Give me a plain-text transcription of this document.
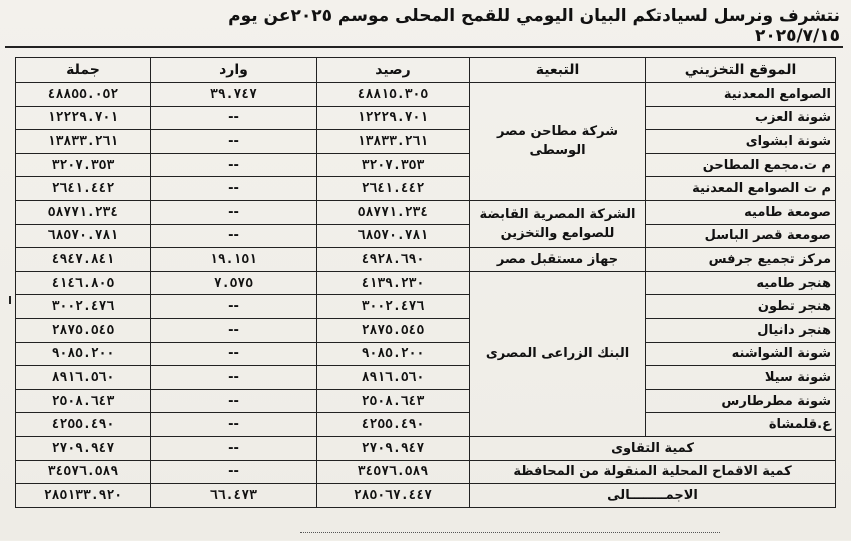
نتشرف ونرسل لسيادتكم البيان اليومي للقمح المحلى موسم ٢٠٢٥عن يوم ٢٠٢٥/٧/١٥
الموقع التخزيني	التبعية	رصيد	وارد	جملة
الصوامع المعدنية	شركة مطاحن مصر الوسطى	٤٨٨١٥.٣٠٥	٣٩.٧٤٧	٤٨٨٥٥.٠٥٢
شونة العزب		١٢٢٢٩.٧٠١	--	١٢٢٢٩.٧٠١
شونة ابشواى		١٣٨٣٣.٢٦١	--	١٣٨٣٣.٢٦١
م ت.مجمع المطاحن		٣٢٠٧.٣٥٣	--	٣٢٠٧.٣٥٣
م ت الصوامع المعدنية		٢٦٤١.٤٤٢	--	٢٦٤١.٤٤٢
صومعة طاميه	الشركة المصرية القابضة للصوامع والتخزين	٥٨٧٧١.٢٣٤	--	٥٨٧٧١.٢٣٤
صومعة قصر الباسل		٦٨٥٧٠.٧٨١	--	٦٨٥٧٠.٧٨١
مركز تجميع جرفس	جهاز مستقبل مصر	٤٩٢٨.٦٩٠	١٩.١٥١	٤٩٤٧.٨٤١
هنجر طاميه	البنك الزراعى المصرى	٤١٣٩.٢٣٠	٧.٥٧٥	٤١٤٦.٨٠٥
هنجر تطون		٣٠٠٢.٤٧٦	--	٣٠٠٢.٤٧٦
هنجر دانيال		٢٨٧٥.٥٤٥	--	٢٨٧٥.٥٤٥
شونة الشواشنه		٩٠٨٥.٢٠٠	--	٩٠٨٥.٢٠٠
شونة سيلا		٨٩١٦.٥٦٠	--	٨٩١٦.٥٦٠
شونة مطرطارس		٢٥٠٨.٦٤٣	--	٢٥٠٨.٦٤٣
ع.قلمشاة		٤٢٥٥.٤٩٠	--	٤٢٥٥.٤٩٠
كمية التقاوى		٢٧٠٩.٩٤٧	--	٢٧٠٩.٩٤٧
كمية الاقماح المحلية المنقولة من المحافظة		٣٤٥٧٦.٥٨٩	--	٣٤٥٧٦.٥٨٩
الاجمــــــــالى		٢٨٥٠٦٧.٤٤٧	٦٦.٤٧٣	٢٨٥١٣٣.٩٢٠
